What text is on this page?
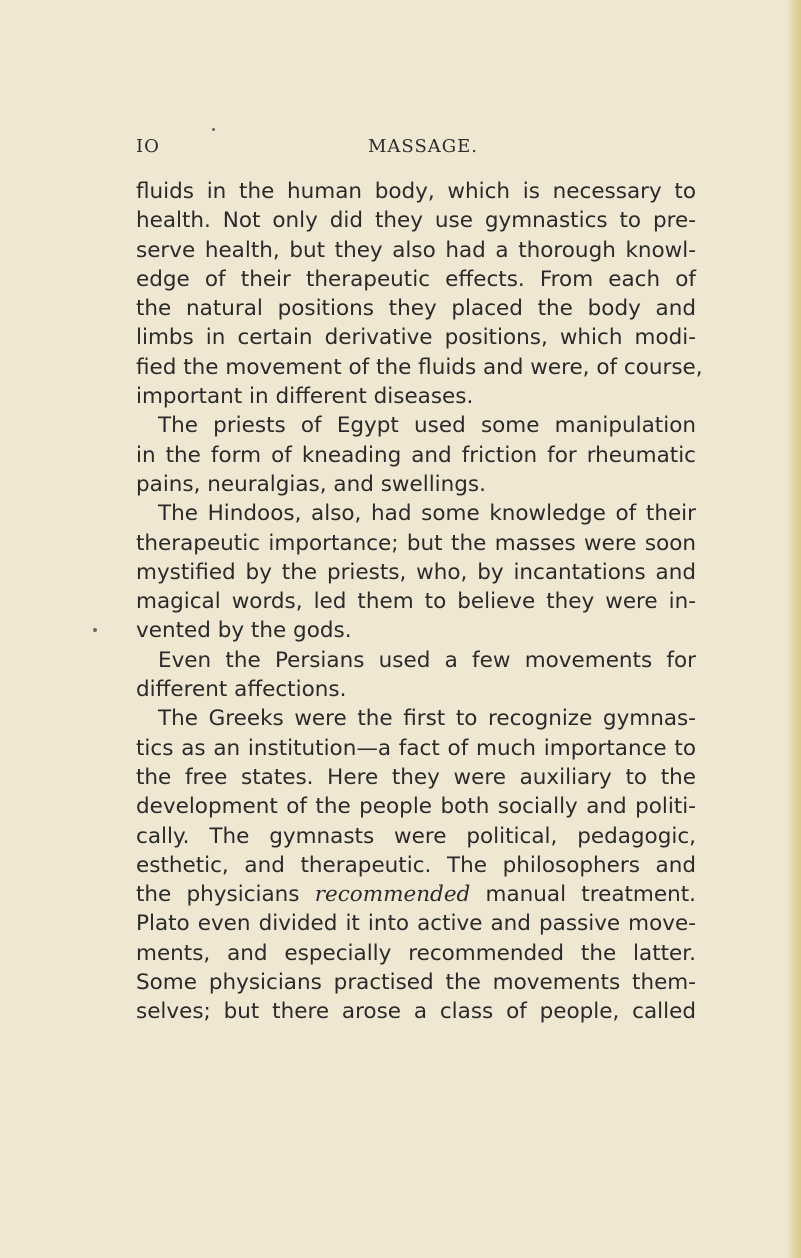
IO	MASSAGE.
fluids in the human body, which is necessary to
health. Not only did they use gymnastics to pre-
serve health, but they also had a thorough knowl-
edge of their therapeutic effects. From each of
the natural positions they placed the body and
limbs in certain derivative positions, which modi-
fied the movement of the fluids and were, of course,
important in different diseases.
The priests of Egypt used some manipulation
in the form of kneading and friction for rheumatic
pains, neuralgias, and swellings.
The Hindoos, also, had some knowledge of their
therapeutic importance; but the masses were soon
mystified by the priests, who, by incantations and
magical words, led them to believe they were in-
vented by the gods.
Even the Persians used a few movements for
different affections.
The Greeks were the first to recognize gymnas-
tics as an institution—a fact of much importance to
the free states. Here they were auxiliary to the
development of the people both socially and politi-
cally. The gymnasts were political, pedagogic,
esthetic, and therapeutic. The philosophers and
the physicians recommended manual treatment.
Plato even divided it into active and passive move-
ments, and especially recommended the latter.
Some physicians practised the movements them-
selves; but there arose a class of people, called
